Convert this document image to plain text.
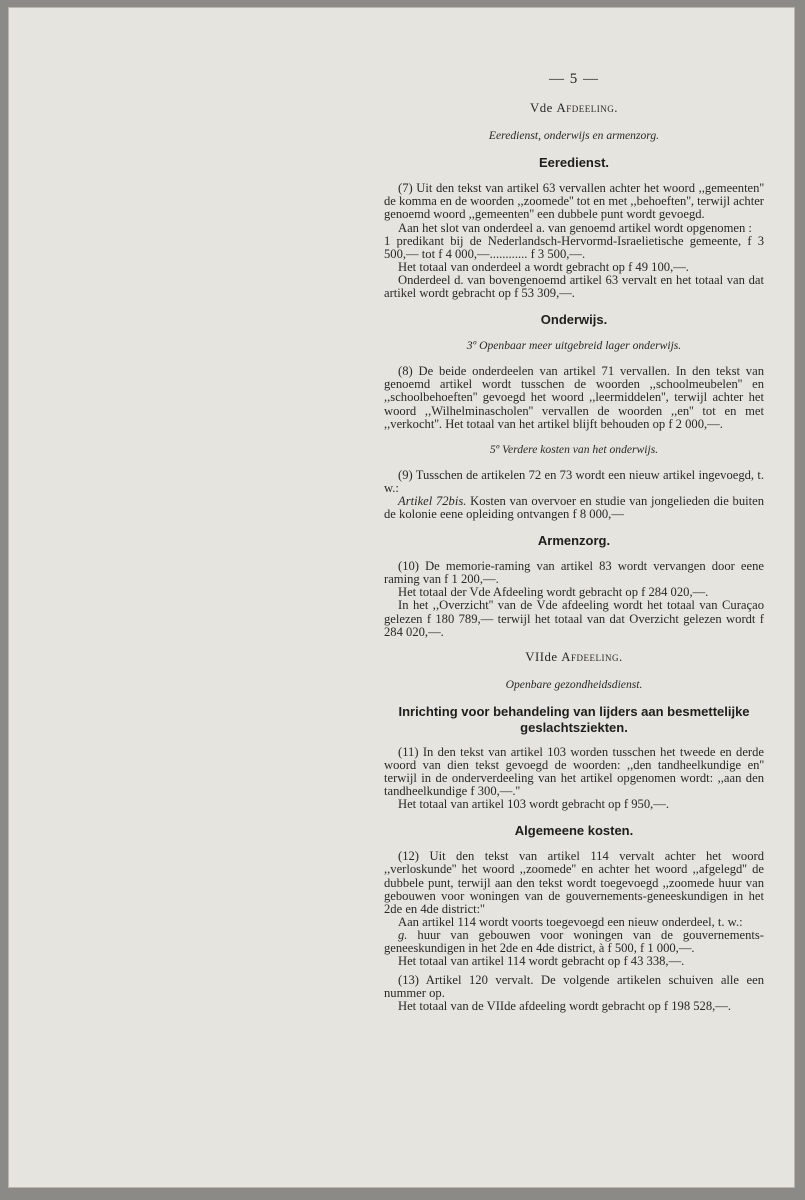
— 5 —
Vde Afdeeling.
Eeredienst, onderwijs en armenzorg.
Eeredienst.

(7) Uit den tekst van artikel 63 vervallen achter het woord ,,gemeenten'' de komma en de woorden ,,zoomede'' tot en met ,,behoeften'', terwijl achter genoemd woord ,,gemeenten'' een dubbele punt wordt gevoegd.

Aan het slot van onderdeel a. van genoemd artikel wordt opgenomen :

1 predikant bij de Nederlandsch-Hervormd-Israelietische gemeente, f 3 500,— tot f 4 000,—............ f 3 500,—.

Het totaal van onderdeel a wordt gebracht op f 49 100,—.

Onderdeel d. van bovengenoemd artikel 63 vervalt en het totaal van dat artikel wordt gebracht op f 53 309,—.

Onderwijs.
3º Openbaar meer uitgebreid lager onderwijs.

(8) De beide onderdeelen van artikel 71 vervallen. In den tekst van genoemd artikel wordt tusschen de woorden ,,schoolmeubelen'' en ,,schoolbehoeften'' gevoegd het woord ,,leermiddelen'', terwijl achter het woord ,,Wilhelminascholen'' vervallen de woorden ,,en'' tot en met ,,verkocht''. Het totaal van het artikel blijft behouden op f 2 000,—.

5º Verdere kosten van het onderwijs.

(9) Tusschen de artikelen 72 en 73 wordt een nieuw artikel ingevoegd, t. w.:

Artikel 72bis. Kosten van overvoer en studie van jongelieden die buiten de kolonie eene opleiding ontvangen f 8 000,—

Armenzorg.

(10) De memorie-raming van artikel 83 wordt vervangen door eene raming van f 1 200,—.

Het totaal der Vde Afdeeling wordt gebracht op f 284 020,—.

In het ,,Overzicht'' van de Vde afdeeling wordt het totaal van Curaçao gelezen f 180 789,— terwijl het totaal van dat Overzicht gelezen wordt f 284 020,—.

VIIde Afdeeling.
Openbare gezondheidsdienst.
Inrichting voor behandeling van lijders aan besmettelijke geslachtsziekten.

(11) In den tekst van artikel 103 worden tusschen het tweede en derde woord van dien tekst gevoegd de woorden: ,,den tandheelkundige en'' terwijl in de onderverdeeling van het artikel opgenomen wordt: ,,aan den tandheelkundige f 300,—.''

Het totaal van artikel 103 wordt gebracht op f 950,—.

Algemeene kosten.

(12) Uit den tekst van artikel 114 vervalt achter het woord ,,verloskunde'' het woord ,,zoomede'' en achter het woord ,,afgelegd'' de dubbele punt, terwijl aan den tekst wordt toegevoegd ,,zoomede huur van gebouwen voor woningen van de gouvernements-geneeskundigen in het 2de en 4de district:''

Aan artikel 114 wordt voorts toegevoegd een nieuw onderdeel, t. w.:

g. huur van gebouwen voor woningen van de gouvernements-geneeskundigen in het 2de en 4de district, à f 500, f 1 000,—.

Het totaal van artikel 114 wordt gebracht op f 43 338,—.

(13) Artikel 120 vervalt. De volgende artikelen schuiven alle een nummer op.

Het totaal van de VIIde afdeeling wordt gebracht op f 198 528,—.
